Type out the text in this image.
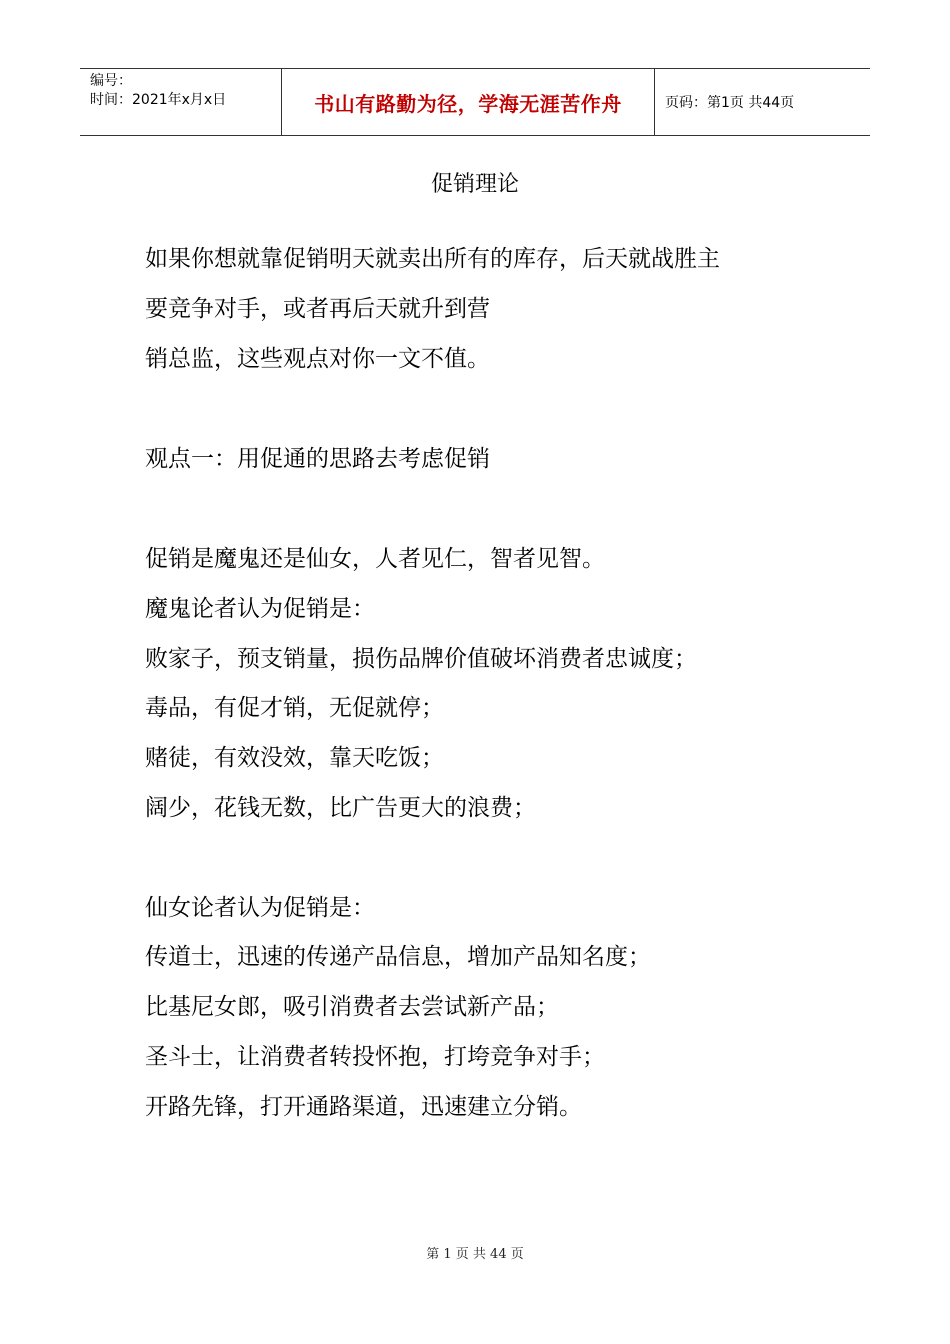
编号：
时间：2021年x月x日	书山有路勤为径，学海无涯苦作舟	页码：第1页 共44页
促销理论
如果你想就靠促销明天就卖出所有的库存，后天就战胜主
要竞争对手，或者再后天就升到营
销总监，这些观点对你一文不值。
观点一：用促通的思路去考虑促销
促销是魔鬼还是仙女，人者见仁，智者见智。
魔鬼论者认为促销是：
败家子，预支销量，损伤品牌价值破坏消费者忠诚度；
毒品，有促才销，无促就停；
赌徒，有效没效，靠天吃饭；
阔少，花钱无数，比广告更大的浪费；
仙女论者认为促销是：
传道士，迅速的传递产品信息，增加产品知名度；
比基尼女郎，吸引消费者去尝试新产品；
圣斗士，让消费者转投怀抱，打垮竞争对手；
开路先锋，打开通路渠道，迅速建立分销。
第 1 页 共 44 页
